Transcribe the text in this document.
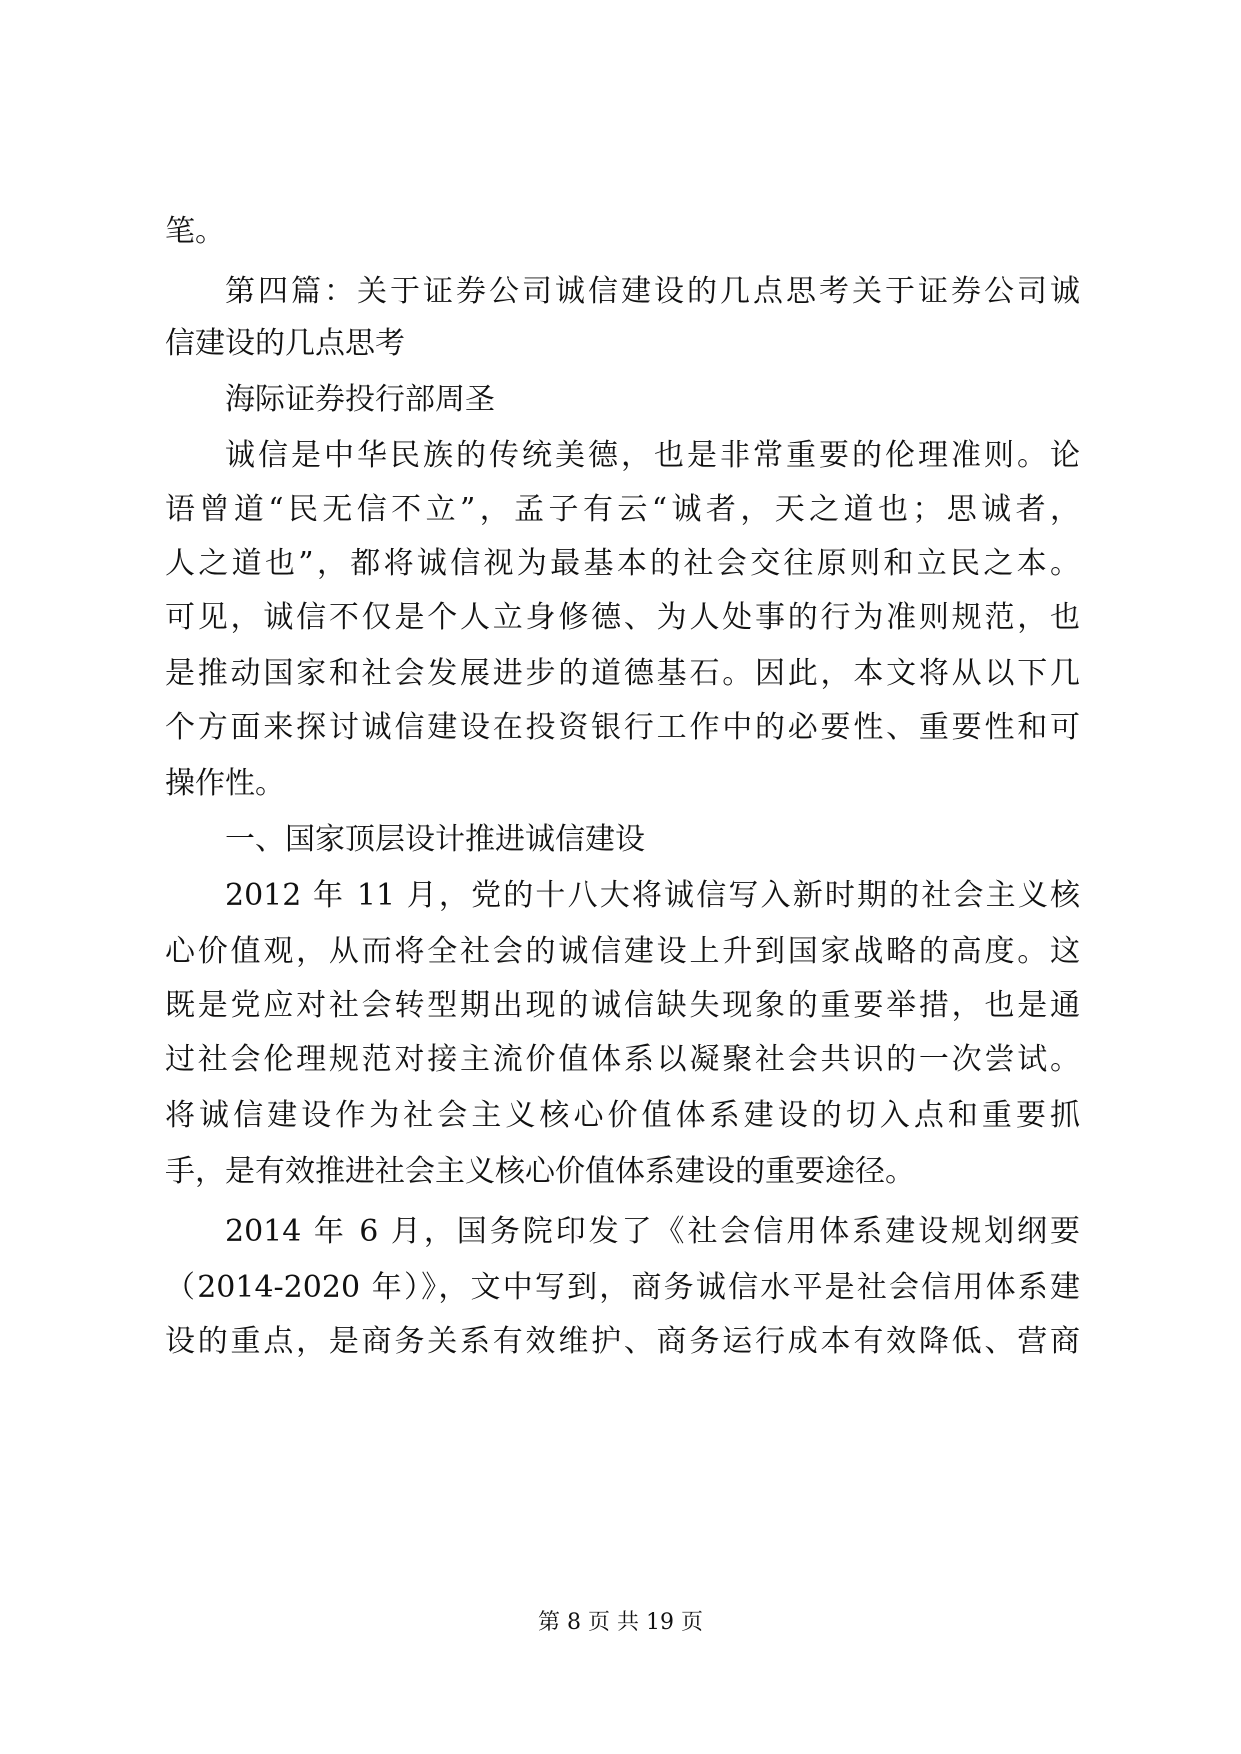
笔。
第四篇：关于证券公司诚信建设的几点思考关于证券公司诚
信建设的几点思考
海际证券投行部周圣
诚信是中华民族的传统美德，也是非常重要的伦理准则。论
语曾道“民无信不立”，孟子有云“诚者，天之道也；思诚者，
人之道也”，都将诚信视为最基本的社会交往原则和立民之本。
可见，诚信不仅是个人立身修德、为人处事的行为准则规范，也
是推动国家和社会发展进步的道德基石。因此，本文将从以下几
个方面来探讨诚信建设在投资银行工作中的必要性、重要性和可
操作性。
一、国家顶层设计推进诚信建设
2012 年 11 月，党的十八大将诚信写入新时期的社会主义核
心价值观，从而将全社会的诚信建设上升到国家战略的高度。这
既是党应对社会转型期出现的诚信缺失现象的重要举措，也是通
过社会伦理规范对接主流价值体系以凝聚社会共识的一次尝试。
将诚信建设作为社会主义核心价值体系建设的切入点和重要抓
手，是有效推进社会主义核心价值体系建设的重要途径。
2014 年 6 月，国务院印发了《社会信用体系建设规划纲要
（2014-2020 年）》，文中写到，商务诚信水平是社会信用体系建
设的重点，是商务关系有效维护、商务运行成本有效降低、营商
第 8 页 共 19 页
